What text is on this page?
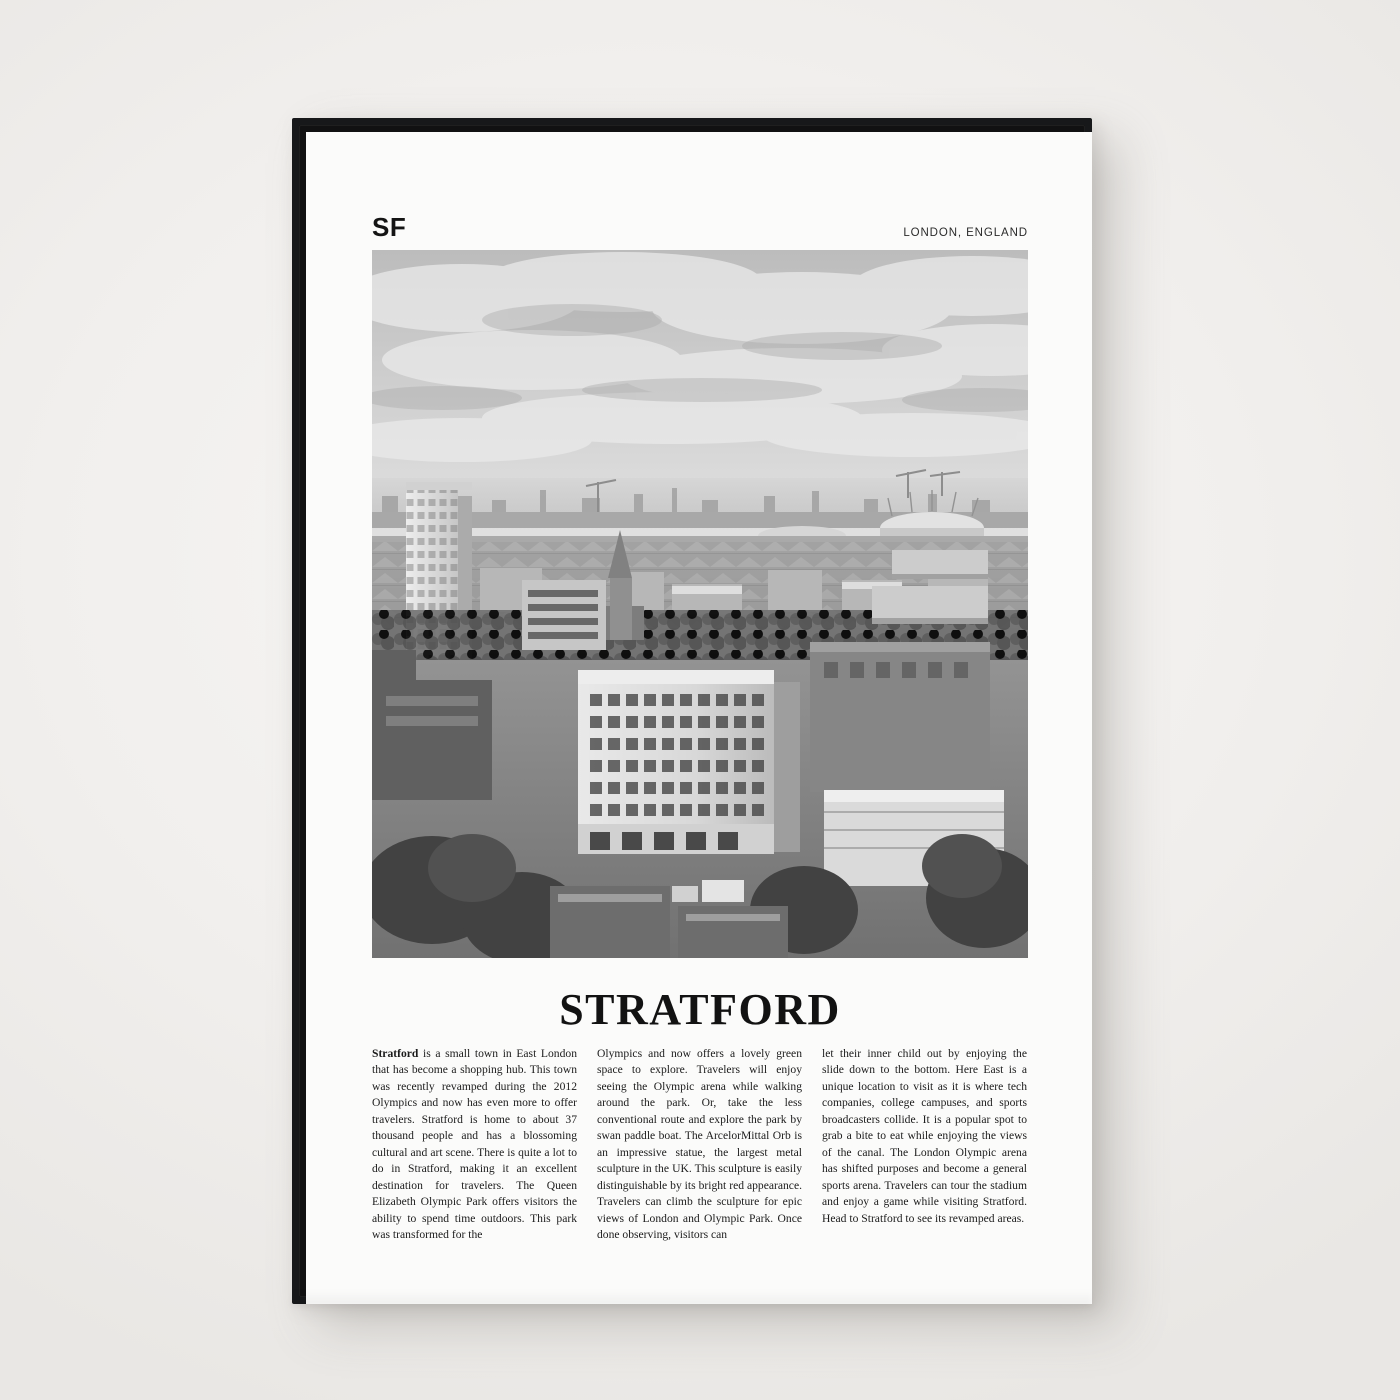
SF	LONDON, ENGLAND
STRATFORD
Stratford is a small town in East London that has become a shopping hub. This town was recently revamped during the 2012 Olympics and now has even more to offer travelers. Stratford is home to about 37 thousand people and has a blossoming cultural and art scene. There is quite a lot to do in Stratford, making it an excellent destination for travelers. The Queen Elizabeth Olympic Park offers visitors the ability to spend time outdoors. This park was transformed for the
Olympics and now offers a lovely green space to explore. Travelers will enjoy seeing the Olympic arena while walking around the park. Or, take the less conventional route and explore the park by swan paddle boat. The ArcelorMittal Orb is an impressive statue, the largest metal sculpture in the UK. This sculpture is easily distinguishable by its bright red appearance. Travelers can climb the sculpture for epic views of London and Olympic Park. Once done observing, visitors can
let their inner child out by enjoying the slide down to the bottom. Here East is a unique location to visit as it is where tech companies, college campuses, and sports broadcasters collide. It is a popular spot to grab a bite to eat while enjoying the views of the canal. The London Olympic arena has shifted purposes and become a general sports arena. Travelers can tour the stadium and enjoy a game while visiting Stratford. Head to Stratford to see its revamped areas.
